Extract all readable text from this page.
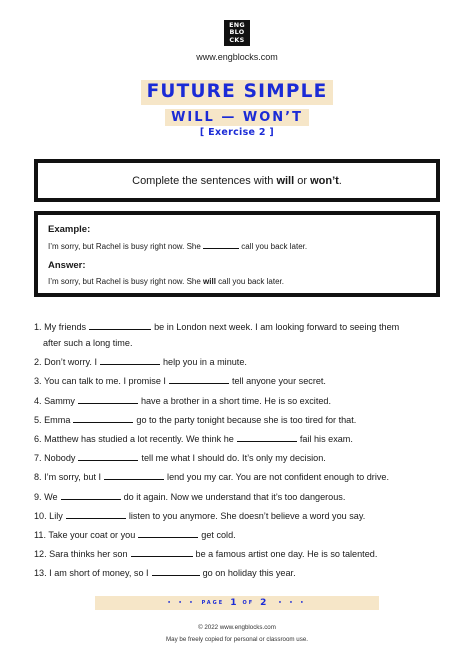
ENG
BLO
CKS
www.engblocks.com
FUTURE SIMPLE
WILL — WON’T
[ Exercise 2 ]
Complete the sentences with will or won’t.
Example:
I’m sorry, but Rachel is busy right now. She	call you back later.
Answer:
I’m sorry, but Rachel is busy right now. She will call you back later.
1. My friends	be in London next week. I am looking forward to seeing them
after such a long time.
2. Don’t worry. I	help you in a minute.
3. You can talk to me. I promise I	tell anyone your secret.
4. Sammy	have a brother in a short time. He is so excited.
5. Emma	go to the party tonight because she is too tired for that.
6. Matthew has studied a lot recently. We think he	fail his exam.
7. Nobody	tell me what I should do. It’s only my decision.
8. I’m sorry, but I	lend you my car. You are not confident enough to drive.
9. We	do it again. Now we understand that it’s too dangerous.
10. Lily	listen to you anymore. She doesn’t believe a word you say.
11. Take your coat or you	get cold.
12. Sara thinks her son	be a famous artist one day. He is so talented.
13. I am short of money, so I	go on holiday this year.
• • • PAGE 1 OF 2 • • •
© 2022 www.engblocks.com
May be freely copied for personal or classroom use.
